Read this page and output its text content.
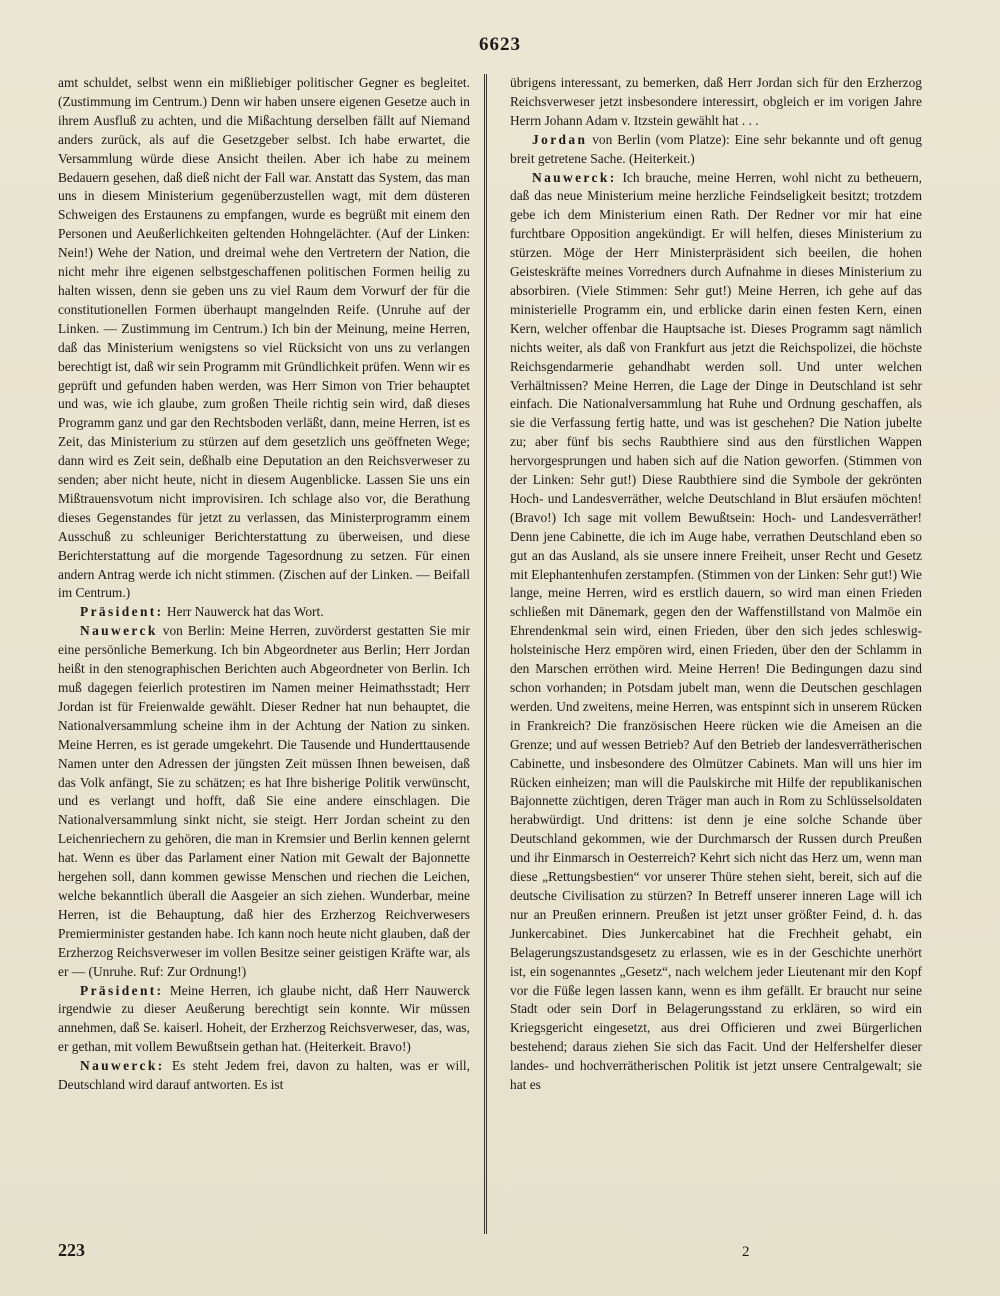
6623

amt schuldet, selbst wenn ein mißliebiger politischer Gegner es begleitet. (Zustimmung im Centrum.) Denn wir haben unsere eigenen Gesetze auch in ihrem Ausfluß zu achten, und die Mißachtung derselben fällt auf Niemand anders zurück, als auf die Gesetzgeber selbst. Ich habe erwartet, die Versammlung würde diese Ansicht theilen. Aber ich habe zu meinem Bedauern gesehen, daß dieß nicht der Fall war. Anstatt das System, das man uns in diesem Ministerium gegenüberzustellen wagt, mit dem düsteren Schweigen des Erstaunens zu empfangen, wurde es begrüßt mit einem den Personen und Aeußerlichkeiten geltenden Hohngelächter. (Auf der Linken: Nein!) Wehe der Nation, und dreimal wehe den Vertretern der Nation, die nicht mehr ihre eigenen selbstgeschaffenen politischen Formen heilig zu halten wissen, denn sie geben uns zu viel Raum dem Vorwurf der für die constitutionellen Formen überhaupt mangelnden Reife. (Unruhe auf der Linken. — Zustimmung im Centrum.) Ich bin der Meinung, meine Herren, daß das Ministerium wenigstens so viel Rücksicht von uns zu verlangen berechtigt ist, daß wir sein Programm mit Gründlichkeit prüfen. Wenn wir es geprüft und gefunden haben werden, was Herr Simon von Trier behauptet und was, wie ich glaube, zum großen Theile richtig sein wird, daß dieses Programm ganz und gar den Rechtsboden verläßt, dann, meine Herren, ist es Zeit, das Ministerium zu stürzen auf dem gesetzlich uns geöffneten Wege; dann wird es Zeit sein, deßhalb eine Deputation an den Reichsverweser zu senden; aber nicht heute, nicht in diesem Augenblicke. Lassen Sie uns ein Mißtrauensvotum nicht improvisiren. Ich schlage also vor, die Berathung dieses Gegenstandes für jetzt zu verlassen, das Ministerprogramm einem Ausschuß zu schleuniger Berichterstattung zu überweisen, und diese Berichterstattung auf die morgende Tagesordnung zu setzen. Für einen andern Antrag werde ich nicht stimmen. (Zischen auf der Linken. — Beifall im Centrum.)

Präsident: Herr Nauwerck hat das Wort.

Nauwerck von Berlin: Meine Herren, zuvörderst gestatten Sie mir eine persönliche Bemerkung. Ich bin Abgeordneter aus Berlin; Herr Jordan heißt in den stenographischen Berichten auch Abgeordneter von Berlin. Ich muß dagegen feierlich protestiren im Namen meiner Heimathsstadt; Herr Jordan ist für Freienwalde gewählt. Dieser Redner hat nun behauptet, die Nationalversammlung scheine ihm in der Achtung der Nation zu sinken. Meine Herren, es ist gerade umgekehrt. Die Tausende und Hunderttausende Namen unter den Adressen der jüngsten Zeit müssen Ihnen beweisen, daß das Volk anfängt, Sie zu schätzen; es hat Ihre bisherige Politik verwünscht, und es verlangt und hofft, daß Sie eine andere einschlagen. Die Nationalversammlung sinkt nicht, sie steigt. Herr Jordan scheint zu den Leichenriechern zu gehören, die man in Kremsier und Berlin kennen gelernt hat. Wenn es über das Parlament einer Nation mit Gewalt der Bajonnette hergehen soll, dann kommen gewisse Menschen und riechen die Leichen, welche bekanntlich überall die Aasgeier an sich ziehen. Wunderbar, meine Herren, ist die Behauptung, daß hier des Erzherzog Reichverwesers Premierminister gestanden habe. Ich kann noch heute nicht glauben, daß der Erzherzog Reichsverweser im vollen Besitze seiner geistigen Kräfte war, als er — (Unruhe. Ruf: Zur Ordnung!)

Präsident: Meine Herren, ich glaube nicht, daß Herr Nauwerck irgendwie zu dieser Aeußerung berechtigt sein konnte. Wir müssen annehmen, daß Se. kaiserl. Hoheit, der Erzherzog Reichsverweser, das, was, er gethan, mit vollem Bewußtsein gethan hat. (Heiterkeit. Bravo!)

Nauwerck: Es steht Jedem frei, davon zu halten, was er will, Deutschland wird darauf antworten. Es ist

übrigens interessant, zu bemerken, daß Herr Jordan sich für den Erzherzog Reichsverweser jetzt insbesondere interessirt, obgleich er im vorigen Jahre Herrn Johann Adam v. Itzstein gewählt hat . . .

Jordan von Berlin (vom Platze): Eine sehr bekannte und oft genug breit getretene Sache. (Heiterkeit.)

Nauwerck: Ich brauche, meine Herren, wohl nicht zu betheuern, daß das neue Ministerium meine herzliche Feindseligkeit besitzt; trotzdem gebe ich dem Ministerium einen Rath. Der Redner vor mir hat eine furchtbare Opposition angekündigt. Er will helfen, dieses Ministerium zu stürzen. Möge der Herr Ministerpräsident sich beeilen, die hohen Geisteskräfte meines Vorredners durch Aufnahme in dieses Ministerium zu absorbiren. (Viele Stimmen: Sehr gut!) Meine Herren, ich gehe auf das ministerielle Programm ein, und erblicke darin einen festen Kern, einen Kern, welcher offenbar die Hauptsache ist. Dieses Programm sagt nämlich nichts weiter, als daß von Frankfurt aus jetzt die Reichspolizei, die höchste Reichsgendarmerie gehandhabt werden soll. Und unter welchen Verhältnissen? Meine Herren, die Lage der Dinge in Deutschland ist sehr einfach. Die Nationalversammlung hat Ruhe und Ordnung geschaffen, als sie die Verfassung fertig hatte, und was ist geschehen? Die Nation jubelte zu; aber fünf bis sechs Raubthiere sind aus den fürstlichen Wappen hervorgesprungen und haben sich auf die Nation geworfen. (Stimmen von der Linken: Sehr gut!) Diese Raubthiere sind die Symbole der gekrönten Hoch- und Landesverräther, welche Deutschland in Blut ersäufen möchten! (Bravo!) Ich sage mit vollem Bewußtsein: Hoch- und Landesverräther! Denn jene Cabinette, die ich im Auge habe, verrathen Deutschland eben so gut an das Ausland, als sie unsere innere Freiheit, unser Recht und Gesetz mit Elephantenhufen zerstampfen. (Stimmen von der Linken: Sehr gut!) Wie lange, meine Herren, wird es erstlich dauern, so wird man einen Frieden schließen mit Dänemark, gegen den der Waffenstillstand von Malmöe ein Ehrendenkmal sein wird, einen Frieden, über den sich jedes schleswig-holsteinische Herz empören wird, einen Frieden, über den der Schlamm in den Marschen erröthen wird. Meine Herren! Die Bedingungen dazu sind schon vorhanden; in Potsdam jubelt man, wenn die Deutschen geschlagen werden. Und zweitens, meine Herren, was entspinnt sich in unserem Rücken in Frankreich? Die französischen Heere rücken wie die Ameisen an die Grenze; und auf wessen Betrieb? Auf den Betrieb der landesverrätherischen Cabinette, und insbesondere des Olmützer Cabinets. Man will uns hier im Rücken einheizen; man will die Paulskirche mit Hilfe der republikanischen Bajonnette züchtigen, deren Träger man auch in Rom zu Schlüsselsoldaten herabwürdigt. Und drittens: ist denn je eine solche Schande über Deutschland gekommen, wie der Durchmarsch der Russen durch Preußen und ihr Einmarsch in Oesterreich? Kehrt sich nicht das Herz um, wenn man diese „Rettungsbestien“ vor unserer Thüre stehen sieht, bereit, sich auf die deutsche Civilisation zu stürzen? In Betreff unserer inneren Lage will ich nur an Preußen erinnern. Preußen ist jetzt unser größter Feind, d. h. das Junkercabinet. Dies Junkercabinet hat die Frechheit gehabt, ein Belagerungszustandsgesetz zu erlassen, wie es in der Geschichte unerhört ist, ein sogenanntes „Gesetz“, nach welchem jeder Lieutenant mir den Kopf vor die Füße legen lassen kann, wenn es ihm gefällt. Er braucht nur seine Stadt oder sein Dorf in Belagerungsstand zu erklären, so wird ein Kriegsgericht eingesetzt, aus drei Officieren und zwei Bürgerlichen bestehend; daraus ziehen Sie sich das Facit. Und der Helfershelfer dieser landes- und hochverrätherischen Politik ist jetzt unsere Centralgewalt; sie hat es

223	2
